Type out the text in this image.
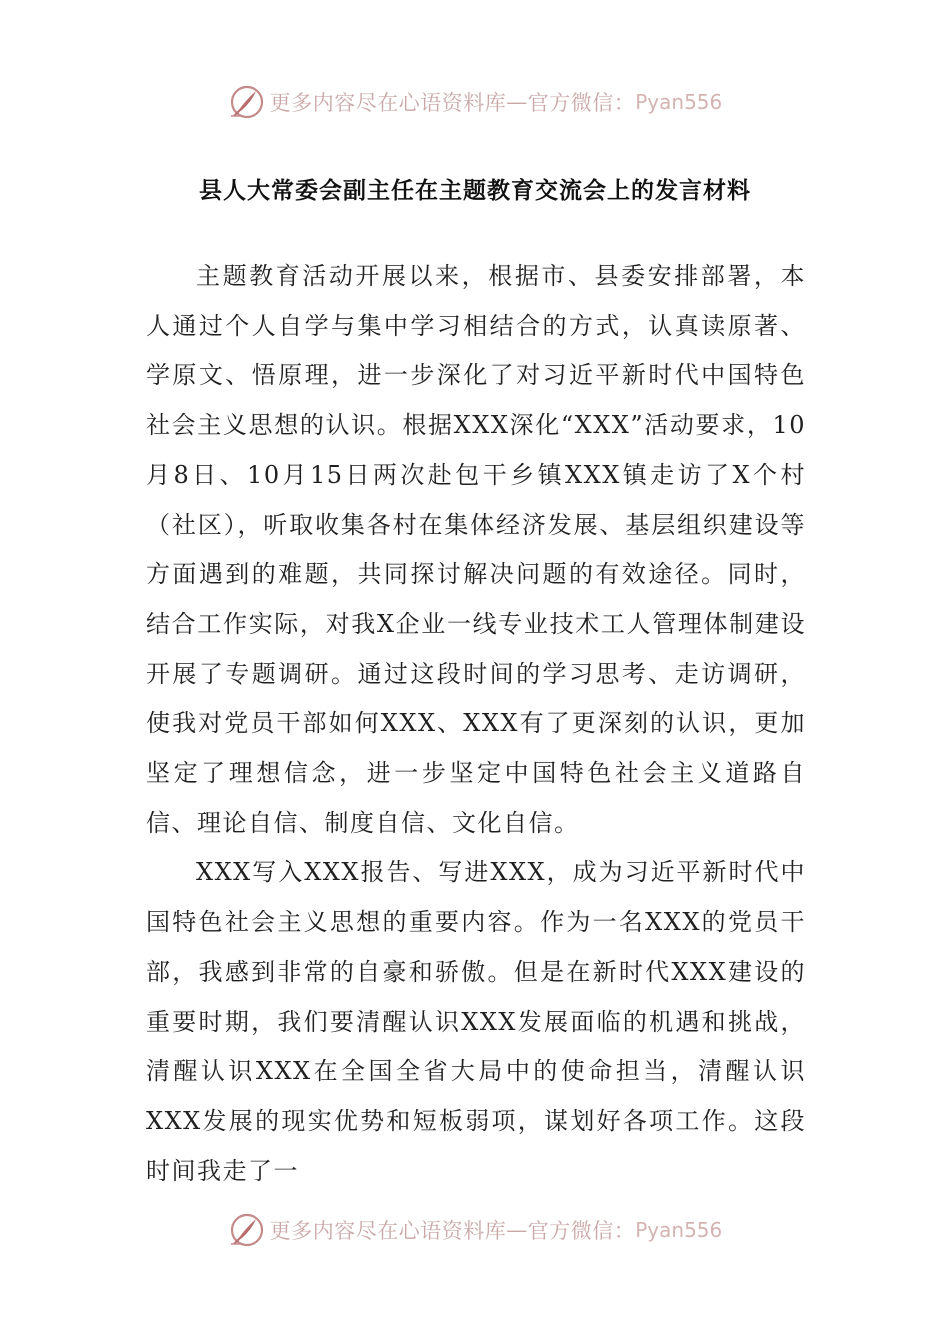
更多内容尽在心语资料库 — 官方微信： Pyan556
县人大常委会副主任在主题教育交流会上的发言材料

主题教育活动开展以来，根据市、县委安排部署，本人通过个人自学与集中学习相结合的方式，认真读原著、学原文、悟原理，进一步深化了对习近平新时代中国特色社会主义思想的认识。根据XXX深化“XXX”活动要求，10月8日、10月15日两次赴包干乡镇XXX镇走访了X个村（社区），听取收集各村在集体经济发展、基层组织建设等方面遇到的难题，共同探讨解决问题的有效途径。同时，结合工作实际，对我X企业一线专业技术工人管理体制建设开展了专题调研。通过这段时间的学习思考、走访调研，使我对党员干部如何XXX、XXX有了更深刻的认识，更加坚定了理想信念，进一步坚定中国特色社会主义道路自信、理论自信、制度自信、文化自信。

XXX写入XXX报告、写进XXX，成为习近平新时代中国特色社会主义思想的重要内容。作为一名XXX的党员干部，我感到非常的自豪和骄傲。但是在新时代XXX建设的重要时期，我们要清醒认识XXX发展面临的机遇和挑战，清醒认识XXX在全国全省大局中的使命担当，清醒认识XXX发展的现实优势和短板弱项，谋划好各项工作。这段时间我走了一

更多内容尽在心语资料库 — 官方微信： Pyan556
